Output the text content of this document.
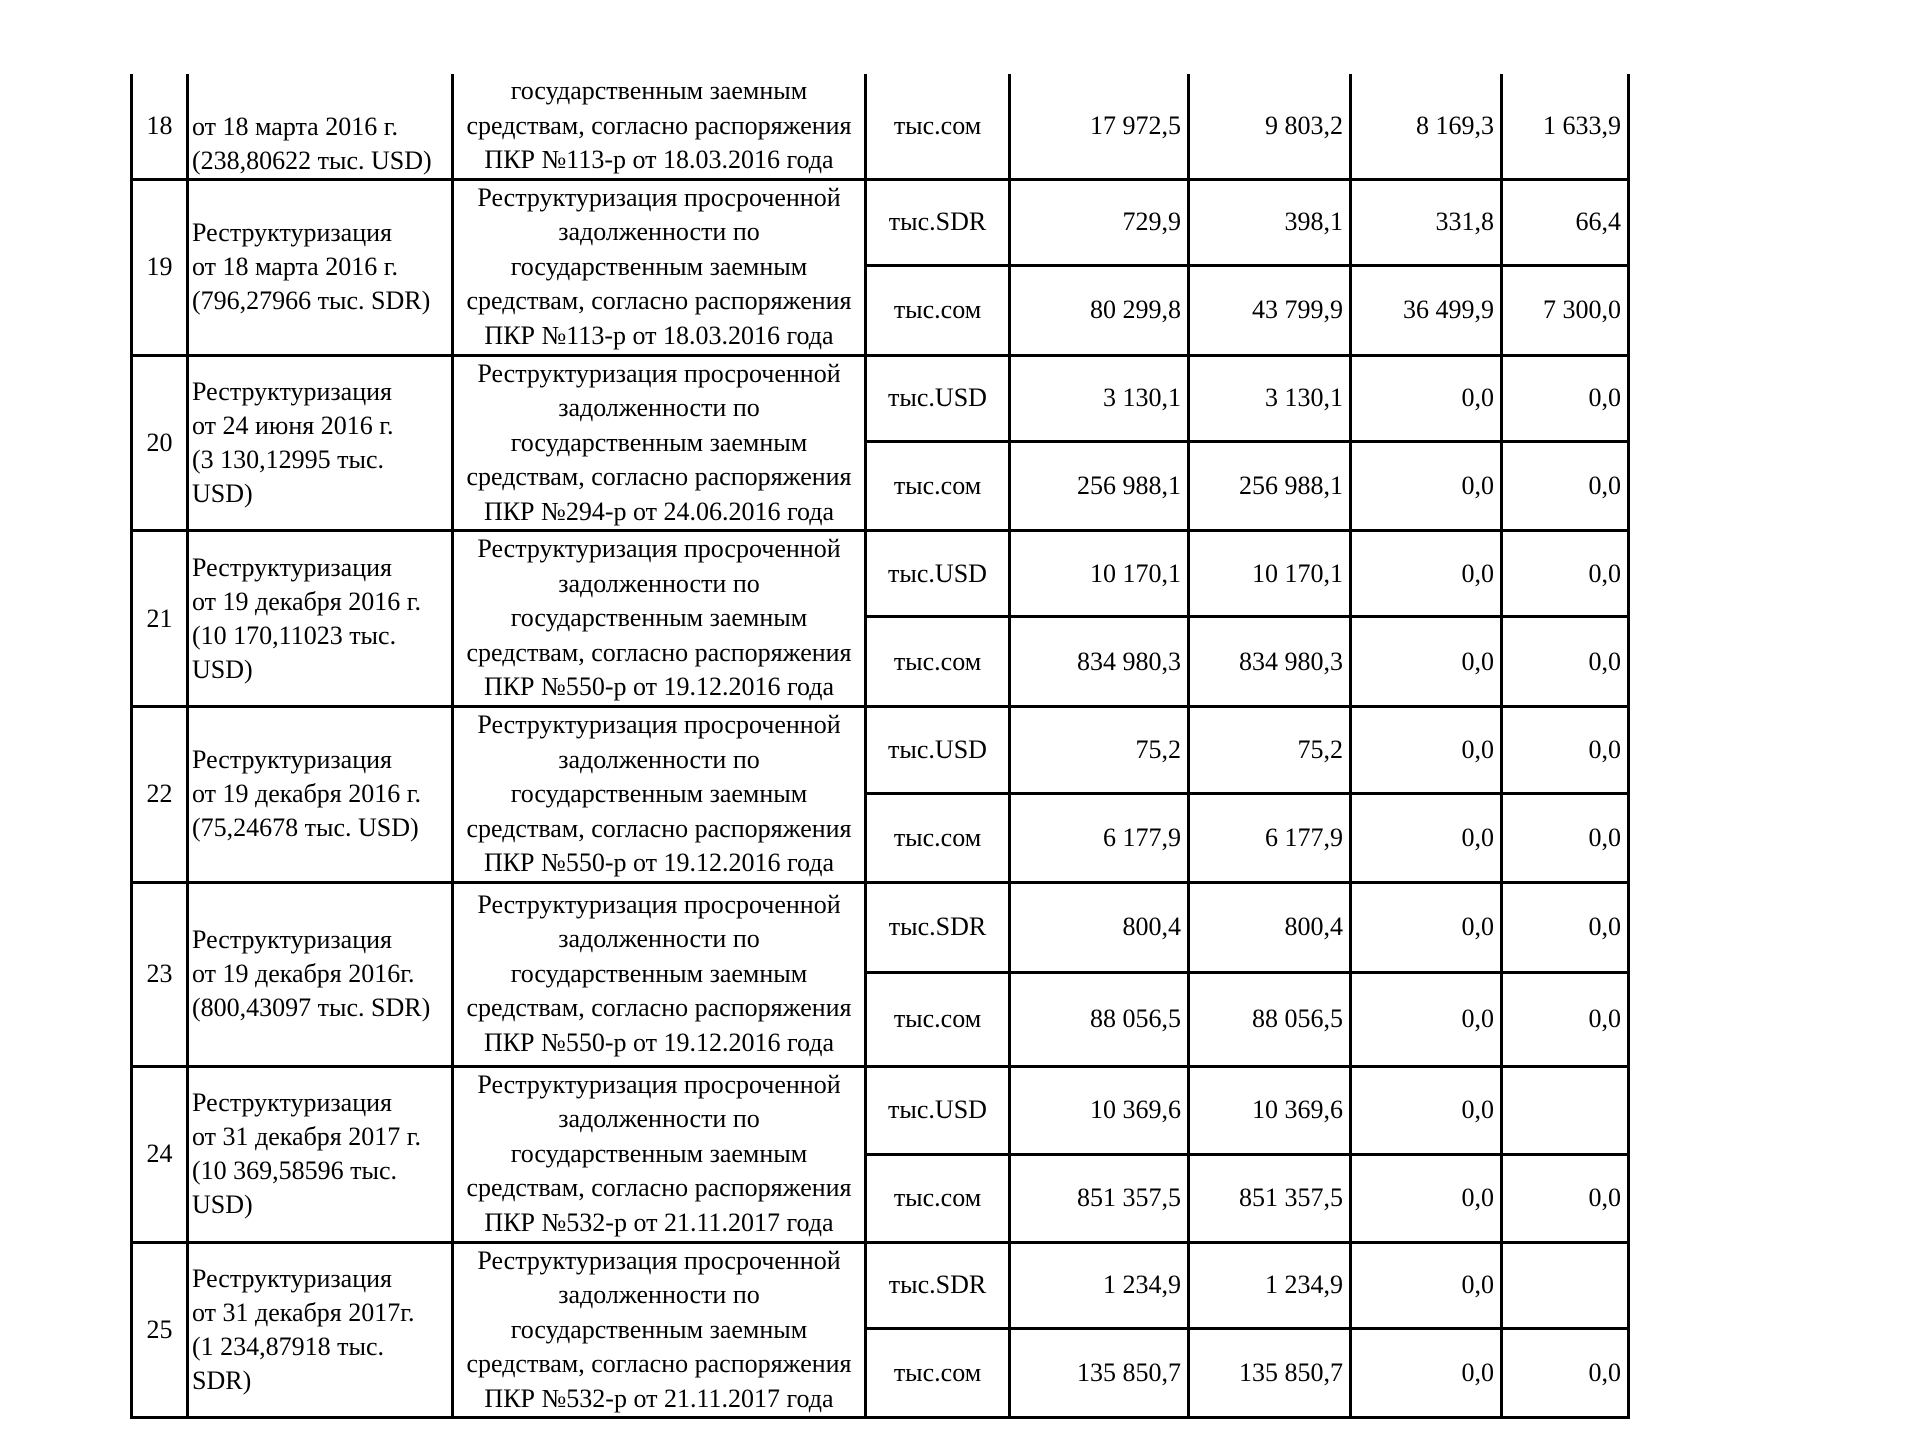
18	от 18 марта 2016 г.
(238,80622 тыс. USD)	государственным заемным
средствам, согласно распоряжения
ПКР №113-р от 18.03.2016 года	тыс.сом	17 972,5	9 803,2	8 169,3	1 633,9
19	Реструктуризация
от 18 марта 2016 г.
(796,27966 тыс. SDR)	Реструктуризация просроченной
задолженности по
государственным заемным
средствам, согласно распоряжения
ПКР №113-р от 18.03.2016 года	тыс.SDR	729,9	398,1	331,8	66,4
			тыс.сом	80 299,8	43 799,9	36 499,9	7 300,0
20	Реструктуризация
от 24 июня 2016 г.
(3 130,12995 тыс.
USD)	Реструктуризация просроченной
задолженности по
государственным заемным
средствам, согласно распоряжения
ПКР №294-р от 24.06.2016 года	тыс.USD	3 130,1	3 130,1	0,0	0,0
			тыс.сом	256 988,1	256 988,1	0,0	0,0
21	Реструктуризация
от 19 декабря 2016 г.
(10 170,11023 тыс.
USD)	Реструктуризация просроченной
задолженности по
государственным заемным
средствам, согласно распоряжения
ПКР №550-р от 19.12.2016 года	тыс.USD	10 170,1	10 170,1	0,0	0,0
			тыс.сом	834 980,3	834 980,3	0,0	0,0
22	Реструктуризация
от 19 декабря 2016 г.
(75,24678 тыс. USD)	Реструктуризация просроченной
задолженности по
государственным заемным
средствам, согласно распоряжения
ПКР №550-р от 19.12.2016 года	тыс.USD	75,2	75,2	0,0	0,0
			тыс.сом	6 177,9	6 177,9	0,0	0,0
23	Реструктуризация
от 19 декабря 2016г.
(800,43097 тыс. SDR)	Реструктуризация просроченной
задолженности по
государственным заемным
средствам, согласно распоряжения
ПКР №550-р от 19.12.2016 года	тыс.SDR	800,4	800,4	0,0	0,0
			тыс.сом	88 056,5	88 056,5	0,0	0,0
24	Реструктуризация
от 31 декабря 2017 г.
(10 369,58596 тыс.
USD)	Реструктуризация просроченной
задолженности по
государственным заемным
средствам, согласно распоряжения
ПКР №532-р от 21.11.2017 года	тыс.USD	10 369,6	10 369,6	0,0	
			тыс.сом	851 357,5	851 357,5	0,0	0,0
25	Реструктуризация
от 31 декабря 2017г.
(1 234,87918 тыс.
SDR)	Реструктуризация просроченной
задолженности по
государственным заемным
средствам, согласно распоряжения
ПКР №532-р от 21.11.2017 года	тыс.SDR	1 234,9	1 234,9	0,0	
			тыс.сом	135 850,7	135 850,7	0,0	0,0
